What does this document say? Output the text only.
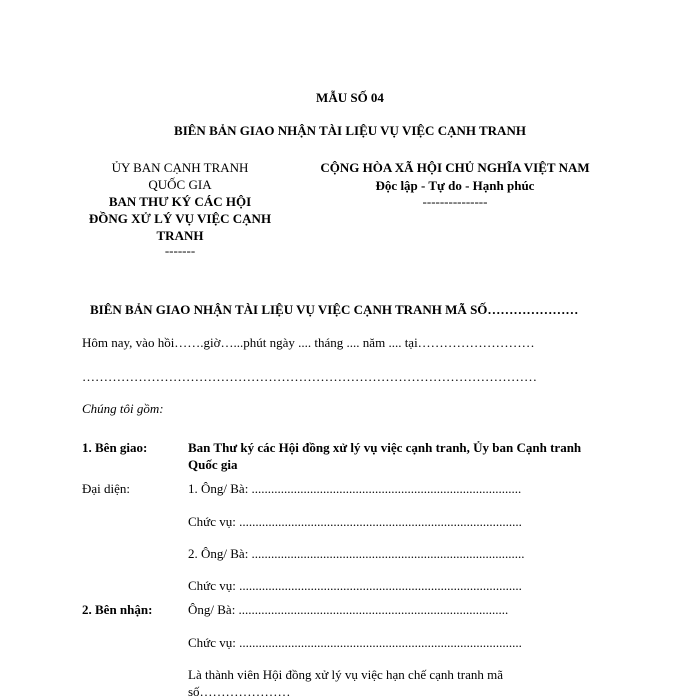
MẪU SỐ 04
BIÊN BẢN GIAO NHẬN TÀI LIỆU VỤ VIỆC CẠNH TRANH
ỦY BAN CẠNH TRANH
QUỐC GIA
BAN THƯ KÝ CÁC HỘI
ĐỒNG XỬ LÝ VỤ VIỆC CẠNH
TRANH
-------
CỘNG HÒA XÃ HỘI CHỦ NGHĨA VIỆT NAM
Độc lập - Tự do - Hạnh phúc
---------------
BIÊN BẢN GIAO NHẬN TÀI LIỆU VỤ VIỆC CẠNH TRANH MÃ SỐ…………………
Hôm nay, vào hồi…….giờ…...phút ngày .... tháng .... năm .... tại………………………
……………………………………………………………………………………………
Chúng tôi gồm:
1. Bên giao:	Ban Thư ký các Hội đồng xử lý vụ việc cạnh tranh, Ủy ban Cạnh tranh
Quốc gia
Đại diện:	1. Ông/ Bà: ...................................................................................
Chức vụ: .......................................................................................
2. Ông/ Bà: ....................................................................................
Chức vụ: .......................................................................................
2. Bên nhận:	Ông/ Bà: ...................................................................................
Chức vụ: .......................................................................................
Là thành viên Hội đồng xử lý vụ việc hạn chế cạnh tranh mã
số…………………
